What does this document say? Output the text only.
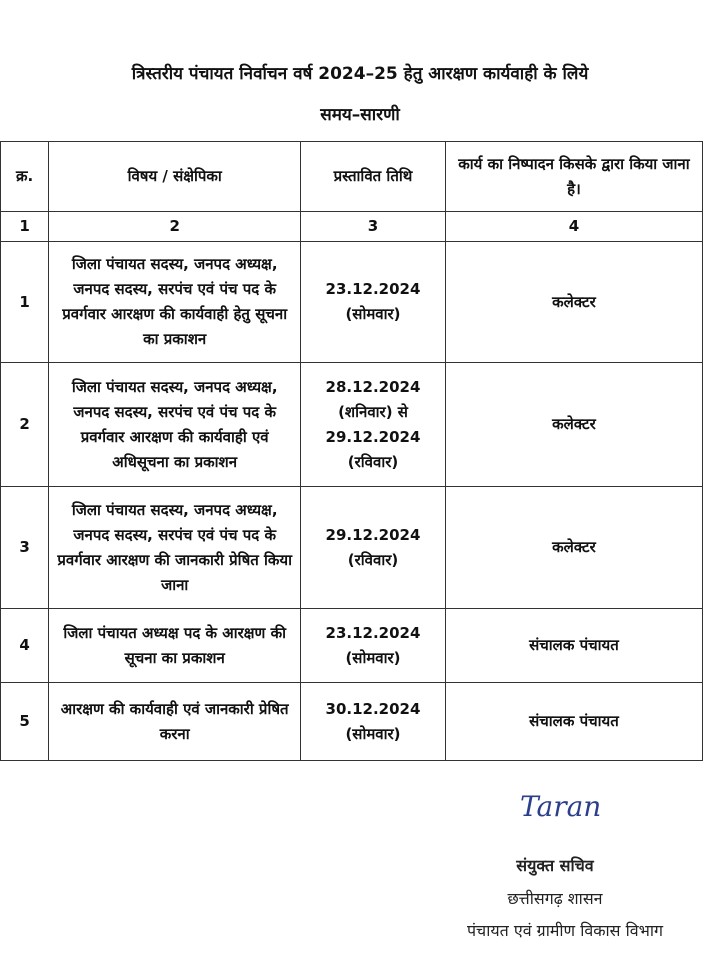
त्रिस्तरीय पंचायत निर्वाचन वर्ष 2024–25 हेतु आरक्षण कार्यवाही के लिये
समय–सारणी
क्र.	विषय / संक्षेपिका	प्रस्तावित तिथि	कार्य का निष्पादन किसके द्वारा किया जाना है।
1	2	3	4
1	जिला पंचायत सदस्य, जनपद अध्यक्ष, जनपद सदस्य, सरपंच एवं पंच पद के प्रवर्गवार आरक्षण की कार्यवाही हेतु सूचना का प्रकाशन	23.12.2024
(सोमवार)	कलेक्टर
2	जिला पंचायत सदस्य, जनपद अध्यक्ष, जनपद सदस्य, सरपंच एवं पंच पद के प्रवर्गवार आरक्षण की कार्यवाही एवं अधिसूचना का प्रकाशन	28.12.2024
(शनिवार) से
29.12.2024
(रविवार)	कलेक्टर
3	जिला पंचायत सदस्य, जनपद अध्यक्ष, जनपद सदस्य, सरपंच एवं पंच पद के प्रवर्गवार आरक्षण की जानकारी प्रेषित किया जाना	29.12.2024
(रविवार)	कलेक्टर
4	जिला पंचायत अध्यक्ष पद के आरक्षण की सूचना का प्रकाशन	23.12.2024
(सोमवार)	संचालक पंचायत
5	आरक्षण की कार्यवाही एवं जानकारी प्रेषित करना	30.12.2024
(सोमवार)	संचालक पंचायत
Taran
संयुक्त सचिव
छत्तीसगढ़ शासन
पंचायत एवं ग्रामीण विकास विभाग
